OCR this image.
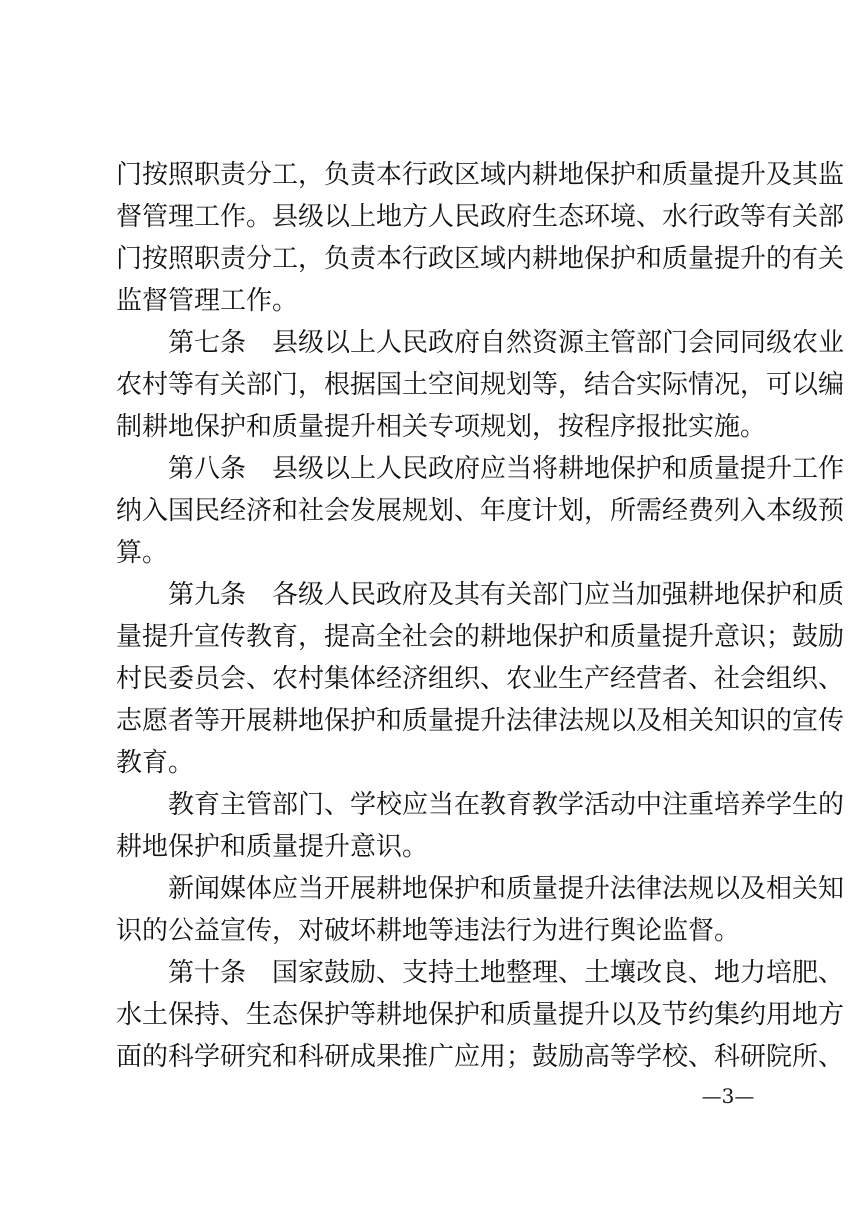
门按照职责分工，负责本行政区域内耕地保护和质量提升及其监
督管理工作。县级以上地方人民政府生态环境、水行政等有关部
门按照职责分工，负责本行政区域内耕地保护和质量提升的有关
监督管理工作。
第七条　县级以上人民政府自然资源主管部门会同同级农业
农村等有关部门，根据国土空间规划等，结合实际情况，可以编
制耕地保护和质量提升相关专项规划，按程序报批实施。
第八条　县级以上人民政府应当将耕地保护和质量提升工作
纳入国民经济和社会发展规划、年度计划，所需经费列入本级预
算。
第九条　各级人民政府及其有关部门应当加强耕地保护和质
量提升宣传教育，提高全社会的耕地保护和质量提升意识；鼓励
村民委员会、农村集体经济组织、农业生产经营者、社会组织、
志愿者等开展耕地保护和质量提升法律法规以及相关知识的宣传
教育。
教育主管部门、学校应当在教育教学活动中注重培养学生的
耕地保护和质量提升意识。
新闻媒体应当开展耕地保护和质量提升法律法规以及相关知
识的公益宣传，对破坏耕地等违法行为进行舆论监督。
第十条　国家鼓励、支持土地整理、土壤改良、地力培肥、
水土保持、生态保护等耕地保护和质量提升以及节约集约用地方
面的科学研究和科研成果推广应用；鼓励高等学校、科研院所、
—3—
